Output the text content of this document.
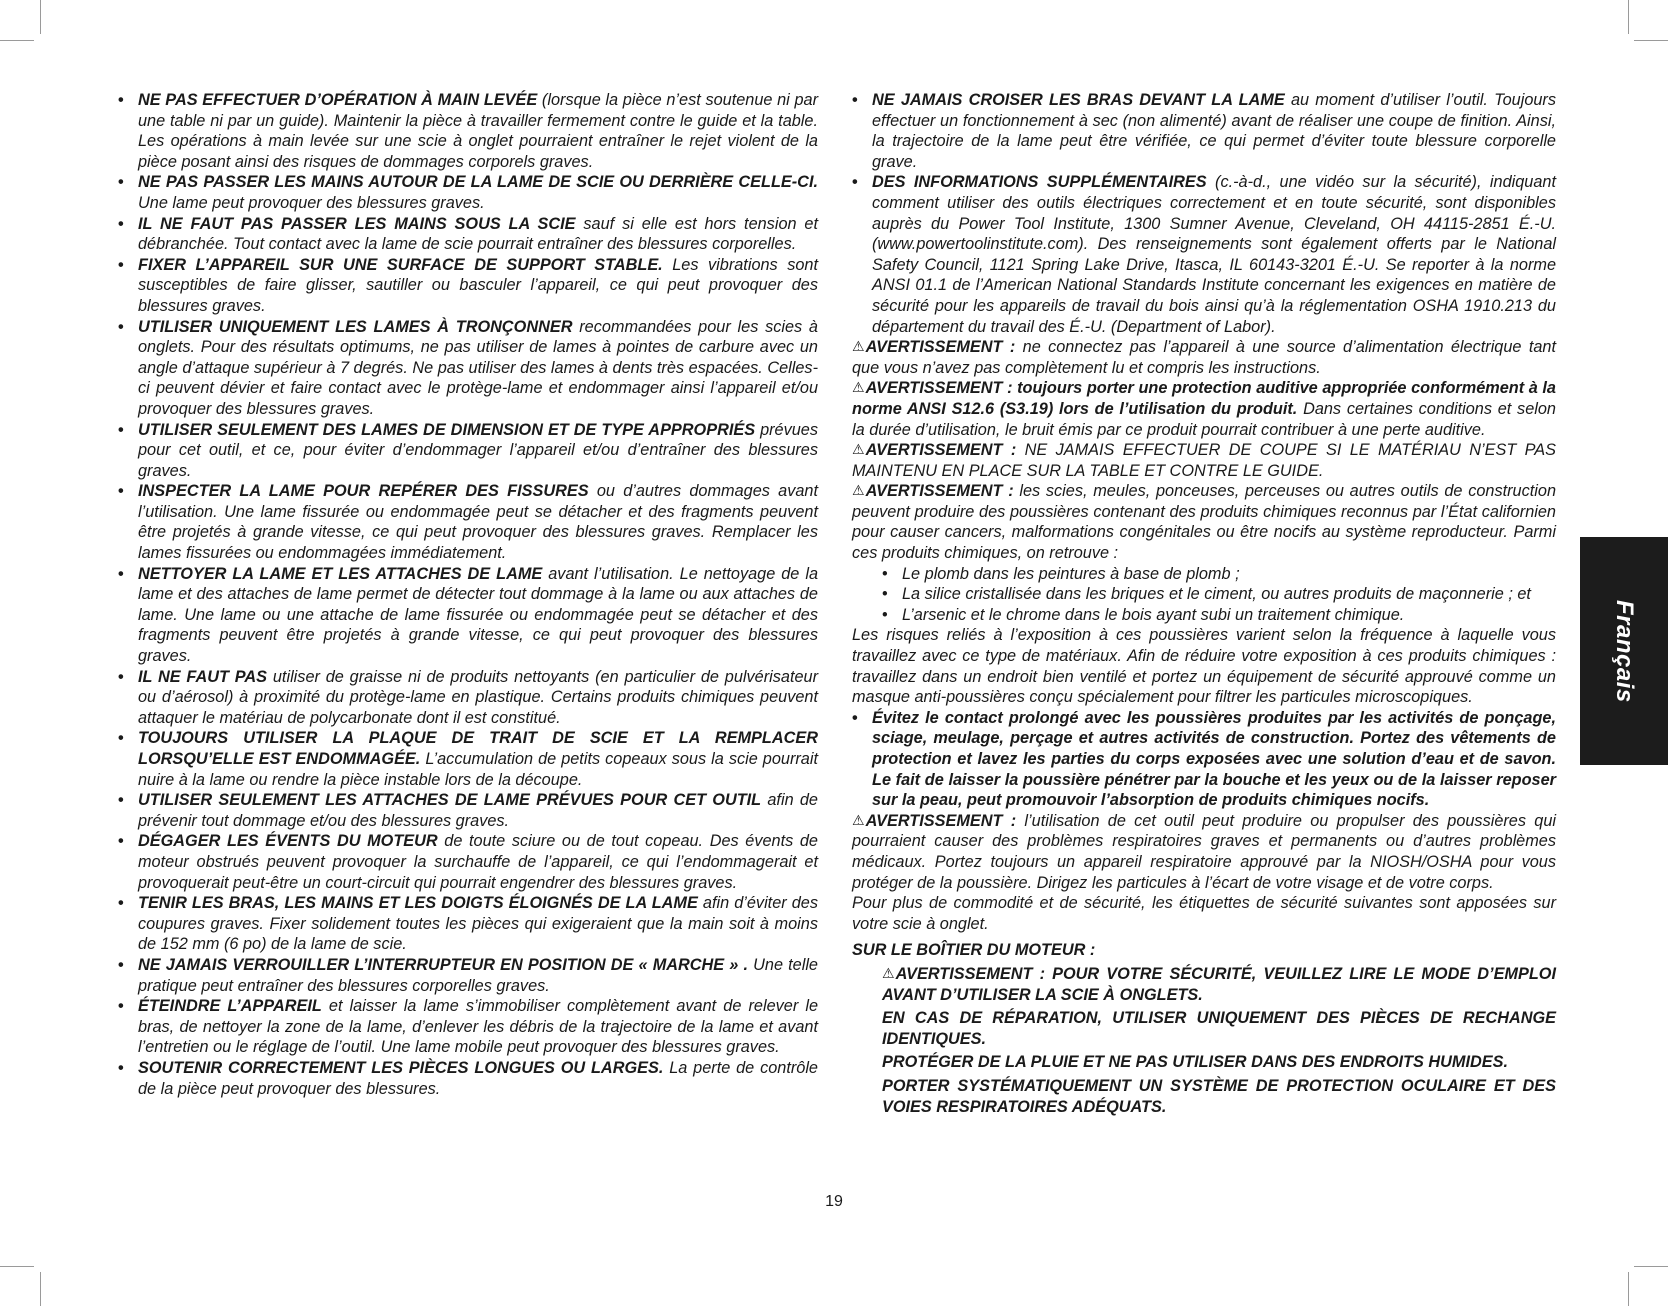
• NE PAS EFFECTUER D’OPÉRATION À MAIN LEVÉE (lorsque la pièce n’est soutenue ni par une table ni par un guide). Maintenir la pièce à travailler fermement contre le guide et la table. Les opérations à main levée sur une scie à onglet pourraient entraîner le rejet violent de la pièce posant ainsi des risques de dommages corporels graves.
• NE PAS PASSER LES MAINS AUTOUR DE LA LAME DE SCIE OU DERRIÈRE CELLE-CI. Une lame peut provoquer des blessures graves.
• IL NE FAUT PAS PASSER LES MAINS SOUS LA SCIE sauf si elle est hors tension et débranchée. Tout contact avec la lame de scie pourrait entraîner des blessures corporelles.
• FIXER L’APPAREIL SUR UNE SURFACE DE SUPPORT STABLE. Les vibrations sont susceptibles de faire glisser, sautiller ou basculer l’appareil, ce qui peut provoquer des blessures graves.
• UTILISER UNIQUEMENT LES LAMES À TRONÇONNER recommandées pour les scies à onglets. Pour des résultats optimums, ne pas utiliser de lames à pointes de carbure avec un angle d’attaque supérieur à 7 degrés. Ne pas utiliser des lames à dents très espacées. Celles-ci peuvent dévier et faire contact avec le protège-lame et endommager ainsi l’appareil et/ou provoquer des blessures graves.
• UTILISER SEULEMENT DES LAMES DE DIMENSION ET DE TYPE APPROPRIÉS prévues pour cet outil, et ce, pour éviter d’endommager l’appareil et/ou d’entraîner des blessures graves.
• INSPECTER LA LAME POUR REPÉRER DES FISSURES ou d’autres dommages avant l’utilisation. Une lame fissurée ou endommagée peut se détacher et des fragments peuvent être projetés à grande vitesse, ce qui peut provoquer des blessures graves. Remplacer les lames fissurées ou endommagées immédiatement.
• NETTOYER LA LAME ET LES ATTACHES DE LAME avant l’utilisation. Le nettoyage de la lame et des attaches de lame permet de détecter tout dommage à la lame ou aux attaches de lame. Une lame ou une attache de lame fissurée ou endommagée peut se détacher et des fragments peuvent être projetés à grande vitesse, ce qui peut provoquer des blessures graves.
• IL NE FAUT PAS utiliser de graisse ni de produits nettoyants (en particulier de pulvérisateur ou d’aérosol) à proximité du protège-lame en plastique. Certains produits chimiques peuvent attaquer le matériau de polycarbonate dont il est constitué.
• TOUJOURS UTILISER LA PLAQUE DE TRAIT DE SCIE ET LA REMPLACER LORSQU’ELLE EST ENDOMMAGÉE. L’accumulation de petits copeaux sous la scie pourrait nuire à la lame ou rendre la pièce instable lors de la découpe.
• UTILISER SEULEMENT LES ATTACHES DE LAME PRÉVUES POUR CET OUTIL afin de prévenir tout dommage et/ou des blessures graves.
• DÉGAGER LES ÉVENTS DU MOTEUR de toute sciure ou de tout copeau. Des évents de moteur obstrués peuvent provoquer la surchauffe de l’appareil, ce qui l’endommagerait et provoquerait peut-être un court-circuit qui pourrait engendrer des blessures graves.
• TENIR LES BRAS, LES MAINS ET LES DOIGTS ÉLOIGNÉS DE LA LAME afin d’éviter des coupures graves. Fixer solidement toutes les pièces qui exigeraient que la main soit à moins de 152 mm (6 po) de la lame de scie.
• NE JAMAIS VERROUILLER L’INTERRUPTEUR EN POSITION DE « MARCHE » . Une telle pratique peut entraîner des blessures corporelles graves.
• ÉTEINDRE L’APPAREIL et laisser la lame s’immobiliser complètement avant de relever le bras, de nettoyer la zone de la lame, d’enlever les débris de la trajectoire de la lame et avant l’entretien ou le réglage de l’outil. Une lame mobile peut provoquer des blessures graves.
• SOUTENIR CORRECTEMENT LES PIÈCES LONGUES OU LARGES. La perte de contrôle de la pièce peut provoquer des blessures.
• NE JAMAIS CROISER LES BRAS DEVANT LA LAME au moment d’utiliser l’outil. Toujours effectuer un fonctionnement à sec (non alimenté) avant de réaliser une coupe de finition. Ainsi, la trajectoire de la lame peut être vérifiée, ce qui permet d’éviter toute blessure corporelle grave.
• DES INFORMATIONS SUPPLÉMENTAIRES (c.-à-d., une vidéo sur la sécurité), indiquant comment utiliser des outils électriques correctement et en toute sécurité, sont disponibles auprès du Power Tool Institute, 1300 Sumner Avenue, Cleveland, OH 44115-2851 É.-U. (www.powertoolinstitute.com). Des renseignements sont également offerts par le National Safety Council, 1121 Spring Lake Drive, Itasca, IL 60143-3201 É.-U. Se reporter à la norme ANSI 01.1 de l’American National Standards Institute concernant les exigences en matière de sécurité pour les appareils de travail du bois ainsi qu’à la réglementation OSHA 1910.213 du département du travail des É.-U. (Department of Labor).

⚠AVERTISSEMENT : ne connectez pas l’appareil à une source d’alimentation électrique tant que vous n’avez pas complètement lu et compris les instructions.

⚠AVERTISSEMENT : toujours porter une protection auditive appropriée conformément à la norme ANSI S12.6 (S3.19) lors de l’utilisation du produit. Dans certaines conditions et selon la durée d’utilisation, le bruit émis par ce produit pourrait contribuer à une perte auditive.

⚠AVERTISSEMENT : NE JAMAIS EFFECTUER DE COUPE SI LE MATÉRIAU N’EST PAS MAINTENU EN PLACE SUR LA TABLE ET CONTRE LE GUIDE.

⚠AVERTISSEMENT : les scies, meules, ponceuses, perceuses ou autres outils de construction peuvent produire des poussières contenant des produits chimiques reconnus par l’État californien pour causer cancers, malformations congénitales ou être nocifs au système reproducteur. Parmi ces produits chimiques, on retrouve :

• Le plomb dans les peintures à base de plomb ;
• La silice cristallisée dans les briques et le ciment, ou autres produits de maçonnerie ; et
• L’arsenic et le chrome dans le bois ayant subi un traitement chimique.

Les risques reliés à l’exposition à ces poussières varient selon la fréquence à laquelle vous travaillez avec ce type de matériaux. Afin de réduire votre exposition à ces produits chimiques : travaillez dans un endroit bien ventilé et portez un équipement de sécurité approuvé comme un masque anti-poussières conçu spécialement pour filtrer les particules microscopiques.

• Évitez le contact prolongé avec les poussières produites par les activités de ponçage, sciage, meulage, perçage et autres activités de construction. Portez des vêtements de protection et lavez les parties du corps exposées avec une solution d’eau et de savon. Le fait de laisser la poussière pénétrer par la bouche et les yeux ou de la laisser reposer sur la peau, peut promouvoir l’absorption de produits chimiques nocifs.

⚠AVERTISSEMENT : l’utilisation de cet outil peut produire ou propulser des poussières qui pourraient causer des problèmes respiratoires graves et permanents ou d’autres problèmes médicaux. Portez toujours un appareil respiratoire approuvé par la NIOSH/OSHA pour vous protéger de la poussière. Dirigez les particules à l’écart de votre visage et de votre corps.

Pour plus de commodité et de sécurité, les étiquettes de sécurité suivantes sont apposées sur votre scie à onglet.

SUR LE BOÎTIER DU MOTEUR :

⚠AVERTISSEMENT : POUR VOTRE SÉCURITÉ, VEUILLEZ LIRE LE MODE D’EMPLOI AVANT D’UTILISER LA SCIE À ONGLETS.

EN CAS DE RÉPARATION, UTILISER UNIQUEMENT DES PIÈCES DE RECHANGE IDENTIQUES.

PROTÉGER DE LA PLUIE ET NE PAS UTILISER DANS DES ENDROITS HUMIDES.

PORTER SYSTÉMATIQUEMENT UN SYSTÈME DE PROTECTION OCULAIRE ET DES VOIES RESPIRATOIRES ADÉQUATS.

19
Français
